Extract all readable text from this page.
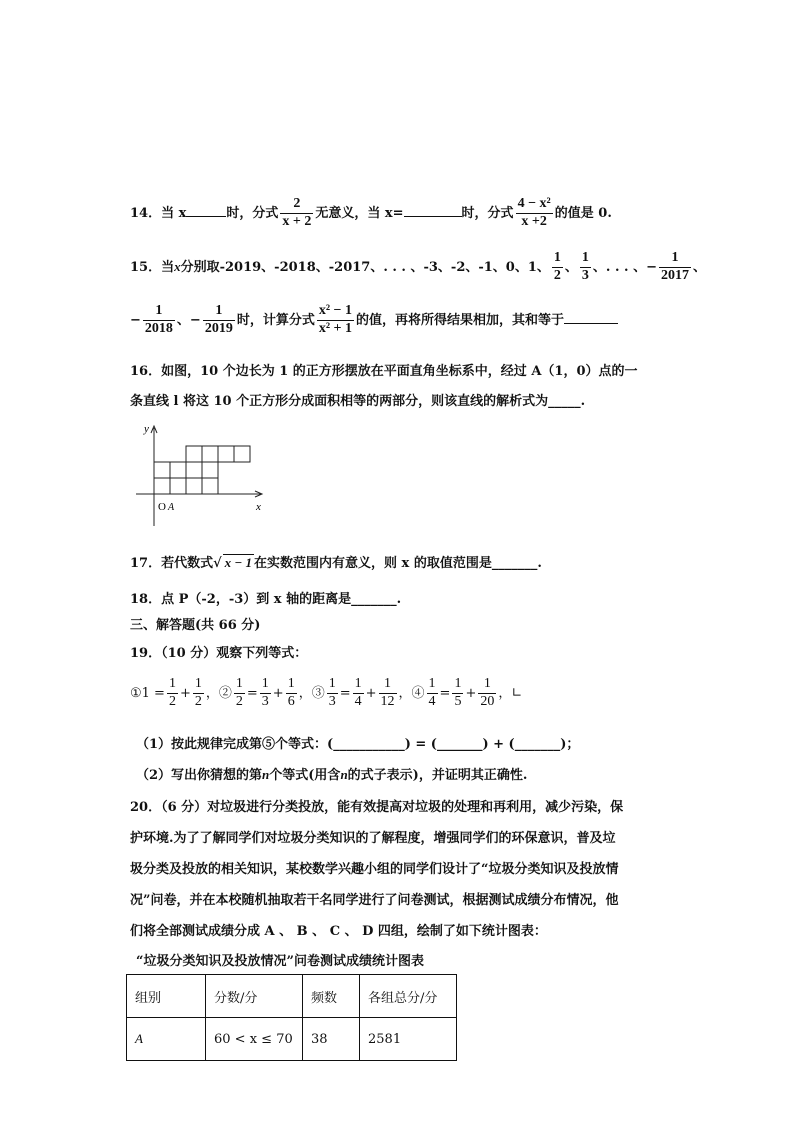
14．当 x	时，分式 $\frac{2}{x + 2}$ 无意义，当 x=	时，分式 $\frac{\text{4 − x²}}{x +2}$ 的值是 0.
15．当x分别取-2019、-2018、-2017、. . . 、-3、-2、-1、0、1、 $\frac{1}{2}$ 、 $\frac{1}{3}$ 、. . . 、− $\frac{1}{2017}$ 、
− $\frac{1}{2018}$ 、− $\frac{1}{2019}$ 时，计算分式 $\frac{\text{x² − 1}}{\text{x² + 1}}$ 的值，再将所得结果相加，其和等于
16．如图，10 个边长为 1 的正方形摆放在平面直角坐标系中，经过 A（1，0）点的一
条直线 l 将这 10 个正方形分成面积相等的两部分，则该直线的解析式为_____.
y
x
O A
17．若代数式√ x − 1 在实数范围内有意义，则 x 的取值范围是_______.
18．点 P（-2，-3）到 x 轴的距离是_______.
三、解答题(共 66 分)
19．（10 分）观察下列等式：
①1 = $\frac{1}{2} + \frac{1}{2}$ ，② $\frac{1}{2} = \frac{1}{3} + \frac{1}{6}$ ，③ $\frac{1}{3} = \frac{1}{4} + \frac{1}{12}$ ，④ $\frac{1}{4} = \frac{1}{5} + \frac{1}{20}$ ，∟
（1）按此规律完成第⑤个等式：(___________) = (_______) + (_______)；
（2）写出你猜想的第n个等式(用含n的式子表示)，并证明其正确性.
20．（6 分）对垃圾进行分类投放，能有效提高对垃圾的处理和再利用，减少污染，保
护环境.为了了解同学们对垃圾分类知识的了解程度，增强同学们的环保意识，普及垃
圾分类及投放的相关知识，某校数学兴趣小组的同学们设计了“垃圾分类知识及投放情
况”问卷，并在本校随机抽取若干名同学进行了问卷测试，根据测试成绩分布情况，他
们将全部测试成绩分成 A 、 B 、 C 、 D 四组，绘制了如下统计图表：
“垃圾分类知识及投放情况”问卷测试成绩统计图表
组别	分数/分	频数	各组总分/分
A	60 < x ≤ 70	38	2581
